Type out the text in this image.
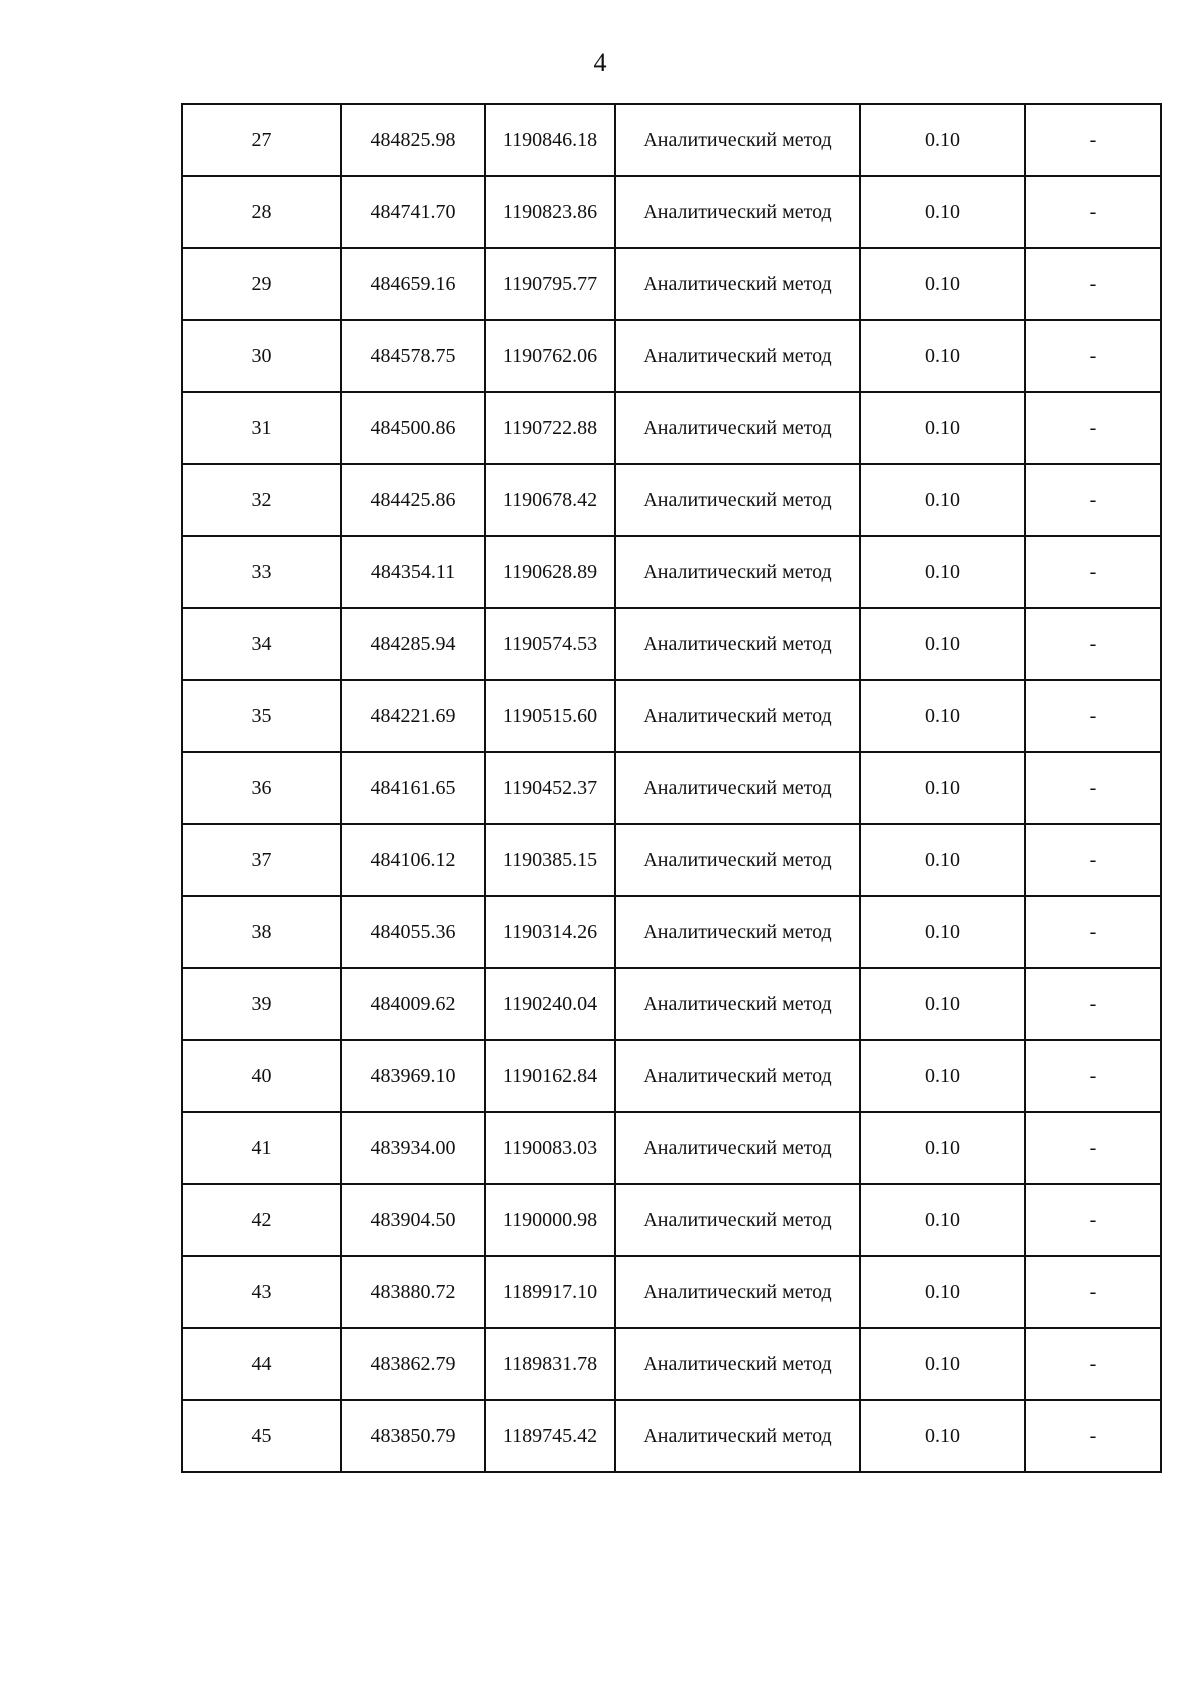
4
27	484825.98	1190846.18	Аналитический метод	0.10	-
28	484741.70	1190823.86	Аналитический метод	0.10	-
29	484659.16	1190795.77	Аналитический метод	0.10	-
30	484578.75	1190762.06	Аналитический метод	0.10	-
31	484500.86	1190722.88	Аналитический метод	0.10	-
32	484425.86	1190678.42	Аналитический метод	0.10	-
33	484354.11	1190628.89	Аналитический метод	0.10	-
34	484285.94	1190574.53	Аналитический метод	0.10	-
35	484221.69	1190515.60	Аналитический метод	0.10	-
36	484161.65	1190452.37	Аналитический метод	0.10	-
37	484106.12	1190385.15	Аналитический метод	0.10	-
38	484055.36	1190314.26	Аналитический метод	0.10	-
39	484009.62	1190240.04	Аналитический метод	0.10	-
40	483969.10	1190162.84	Аналитический метод	0.10	-
41	483934.00	1190083.03	Аналитический метод	0.10	-
42	483904.50	1190000.98	Аналитический метод	0.10	-
43	483880.72	1189917.10	Аналитический метод	0.10	-
44	483862.79	1189831.78	Аналитический метод	0.10	-
45	483850.79	1189745.42	Аналитический метод	0.10	-
